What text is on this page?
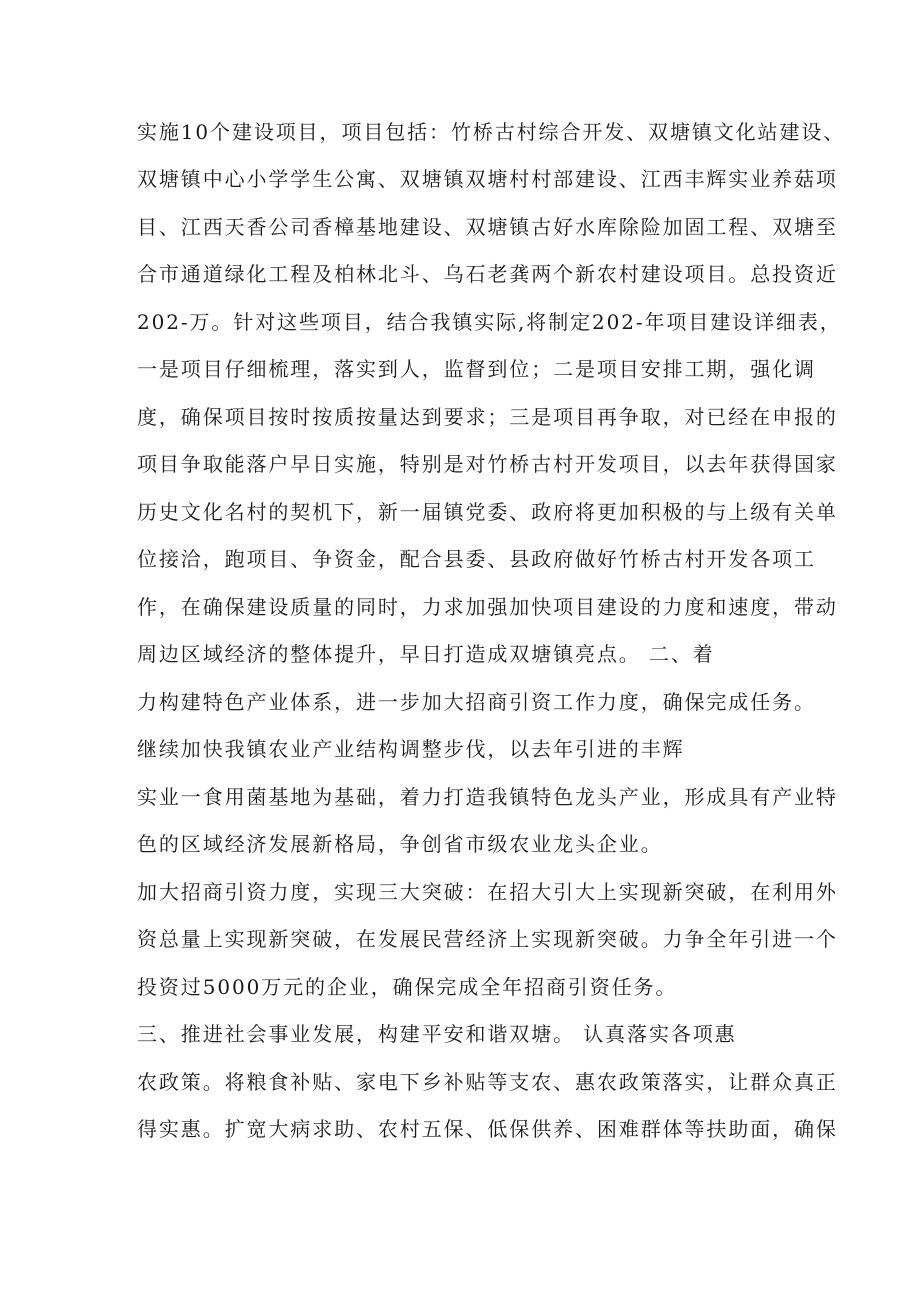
实施10个建设项目，项目包括：竹桥古村综合开发、双塘镇文化站建设、
双塘镇中心小学学生公寓、双塘镇双塘村村部建设、江西丰辉实业养菇项
目、江西天香公司香樟基地建设、双塘镇古好水库除险加固工程、双塘至
合市通道绿化工程及柏林北斗、乌石老龚两个新农村建设项目。总投资近
202-万。针对这些项目，结合我镇实际,将制定202-年项目建设详细表，
一是项目仔细梳理，落实到人，监督到位；二是项目安排工期，强化调
度，确保项目按时按质按量达到要求；三是项目再争取，对已经在申报的
项目争取能落户早日实施，特别是对竹桥古村开发项目，以去年获得国家
历史文化名村的契机下，新一届镇党委、政府将更加积极的与上级有关单
位接洽，跑项目、争资金，配合县委、县政府做好竹桥古村开发各项工
作，在确保建设质量的同时，力求加强加快项目建设的力度和速度，带动
周边区域经济的整体提升，早日打造成双塘镇亮点。 二、着
力构建特色产业体系，进一步加大招商引资工作力度，确保完成任务。
继续加快我镇农业产业结构调整步伐，以去年引进的丰辉
实业一食用菌基地为基础，着力打造我镇特色龙头产业，形成具有产业特
色的区域经济发展新格局，争创省市级农业龙头企业。
加大招商引资力度，实现三大突破：在招大引大上实现新突破，在利用外
资总量上实现新突破，在发展民营经济上实现新突破。力争全年引进一个
投资过5000万元的企业，确保完成全年招商引资任务。
三、推进社会事业发展，构建平安和谐双塘。 认真落实各项惠
农政策。将粮食补贴、家电下乡补贴等支农、惠农政策落实，让群众真正
得实惠。扩宽大病求助、农村五保、低保供养、困难群体等扶助面，确保
